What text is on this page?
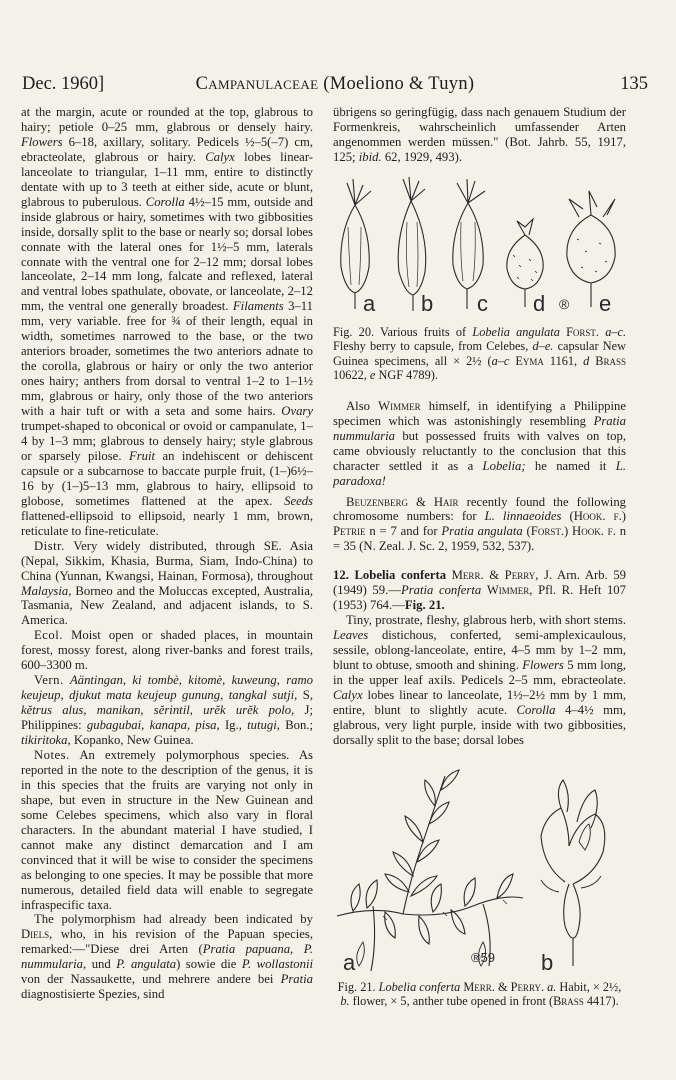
Dec. 1960]	Campanulaceae (Moeliono & Tuyn)	135

at the margin, acute or rounded at the top, glabrous to hairy; petiole 0–25 mm, glabrous or densely hairy. Flowers 6–18, axillary, solitary. Pedicels ½–5(–7) cm, ebracteolate, glabrous or hairy. Calyx lobes linear-lanceolate to triangular, 1–11 mm, entire to distinctly dentate with up to 3 teeth at either side, acute or blunt, glabrous to puberulous. Corolla 4½–15 mm, outside and inside glabrous or hairy, sometimes with two gibbosities inside, dorsally split to the base or nearly so; dorsal lobes connate with the lateral ones for 1½–5 mm, laterals connate with the ventral one for 2–12 mm; dorsal lobes lanceolate, 2–14 mm long, falcate and reflexed, lateral and ventral lobes spathulate, obovate, or lanceolate, 2–12 mm, the ventral one generally broadest. Filaments 3–11 mm, very variable. free for ¾ of their length, equal in width, sometimes narrowed to the base, or the two anteriors broader, sometimes the two anteriors adnate to the corolla, glabrous or hairy or only the two anterior ones hairy; anthers from dorsal to ventral 1–2 to 1–1½ mm, glabrous or hairy, only those of the two anteriors with a hair tuft or with a seta and some hairs. Ovary trumpet-shaped to obconical or ovoid or campanulate, 1–4 by 1–3 mm; glabrous to densely hairy; style glabrous or sparsely pilose. Fruit an indehiscent or dehiscent capsule or a subcarnose to baccate purple fruit, (1–)6½–16 by (1–)5–13 mm, glabrous to hairy, ellipsoid to globose, sometimes flattened at the apex. Seeds flattened-ellipsoid to ellipsoid, nearly 1 mm, brown, reticulate to fine-reticulate.

Distr. Very widely distributed, through SE. Asia (Nepal, Sikkim, Khasia, Burma, Siam, Indo-China) to China (Yunnan, Kwangsi, Hainan, Formosa), throughout Malaysia, Borneo and the Moluccas excepted, Australia, Tasmania, New Zealand, and adjacent islands, to S. America.

Ecol. Moist open or shaded places, in mountain forest, mossy forest, along river-banks and forest trails, 600–3300 m.

Vern. Aäntingan, ki tombè, kitomè, kuweung, ramo keujeup, djukut mata keujeup gunung, tangkal sutji, S, kĕtrus alus, manikan, sĕrintil, urĕk urĕk polo, J; Philippines: gubagubai, kanapa, pisa, Ig., tutugi, Bon.; tikiritoka, Kopanko, New Guinea.

Notes. An extremely polymorphous species. As reported in the note to the description of the genus, it is in this species that the fruits are varying not only in shape, but even in structure in the New Guinean and some Celebes specimens, which also vary in floral characters. In the abundant material I have studied, I cannot make any distinct demarcation and I am convinced that it will be wise to consider the specimens as belonging to one species. It may be possible that more numerous, detailed field data will enable to segregate infraspecific taxa.

The polymorphism had already been indicated by Diels, who, in his revision of the Papuan species, remarked:—"Diese drei Arten (Pratia papuana, P. nummularia, und P. angulata) sowie die P. wollastonii von der Nassaukette, und mehrere andere bei Pratia diagnostisierte Spezies, sind

übrigens so geringfügig, dass nach genauem Studium der Formenkreis, wahrscheinlich umfassender Arten angenommen werden müssen." (Bot. Jahrb. 55, 1917, 125; ibid. 62, 1929, 493).

a b c d e
®

Fig. 20. Various fruits of Lobelia angulata Forst. a–c. Fleshy berry to capsule, from Celebes, d–e. capsular New Guinea specimens, all × 2½ (a–c Eyma 1161, d Brass 10622, e NGF 4789).

Also Wimmer himself, in identifying a Philippine specimen which was astonishingly resembling Pratia nummularia but possessed fruits with valves on top, came obviously reluctantly to the conclusion that this character settled it as a Lobelia; he named it L. paradoxa!

Beuzenberg & Hair recently found the following chromosome numbers: for L. linnaeoides (Hook. f.) Petrie n = 7 and for Pratia angulata (Forst.) Hook. f. n = 35 (N. Zeal. J. Sc. 2, 1959, 532, 537).

12. Lobelia conferta Merr. & Perry, J. Arn. Arb. 59 (1949) 59.—Pratia conferta Wimmer, Pfl. R. Heft 107 (1953) 764.—Fig. 21.

Tiny, prostrate, fleshy, glabrous herb, with short stems. Leaves distichous, conferted, semi-amplexicaulous, sessile, oblong-lanceolate, entire, 4–5 mm by 1–2 mm, blunt to obtuse, smooth and shining. Flowers 5 mm long, in the upper leaf axils. Pedicels 2–5 mm, ebracteolate. Calyx lobes linear to lanceolate, 1½–2½ mm by 1 mm, entire, blunt to slightly acute. Corolla 4–4½ mm, glabrous, very light purple, inside with two gibbosities, dorsally split to the base; dorsal lobes

a	b
®59

Fig. 21. Lobelia conferta Merr. & Perry. a. Habit, × 2½, b. flower, × 5, anther tube opened in front (Brass 4417).
